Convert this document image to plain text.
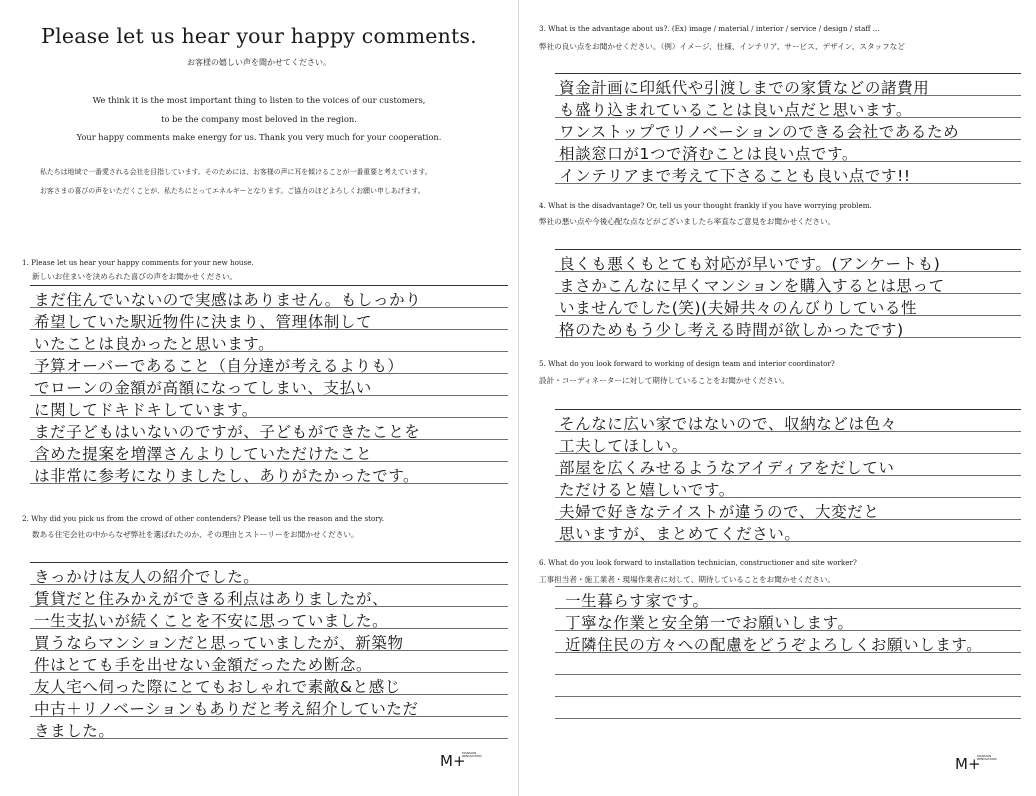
Please let us hear your happy comments.
お客様の嬉しい声を聞かせてください。
We think it is the most important thing to listen to the voices of our customers,
to be the company most beloved in the region.
Your happy comments make energy for us. Thank you very much for your cooperation.
私たちは地域で一番愛される会社を目指しています。そのためには、お客様の声に耳を傾けることが一番重要と考えています。
お客さまの喜びの声をいただくことが、私たちにとってエネルギーとなります。ご協力のほどよろしくお願い申しあげます。
1. Please let us hear your happy comments for your new house.
新しいお住まいを決められた喜びの声をお聞かせください。
まだ住んでいないので実感はありません。もしっかり
希望していた駅近物件に決まり、管理体制して
いたことは良かったと思います。
予算オーバーであること（自分達が考えるよりも）
でローンの金額が高額になってしまい、支払い
に関してドキドキしています。
まだ子どもはいないのですが、子どもができたことを
含めた提案を増澤さんよりしていただけたこと
は非常に参考になりましたし、ありがたかったです。
2. Why did you pick us from the crowd of other contenders? Please tell us the reason and the story.
数ある住宅会社の中からなぜ弊社を選ばれたのか、その理由とストーリーをお聞かせください。
きっかけは友人の紹介でした。
賃貸だと住みかえができる利点はありましたが、
一生支払いが続くことを不安に思っていました。
買うならマンションだと思っていましたが、新築物
件はとても手を出せない金額だったため断念。
友人宅へ伺った際にとてもおしゃれで素敵&と感じ
中古＋リノベーションもありだと考え紹介していただ
きました。
M+
MANSION RENOVATION
3. What is the advantage about us?. (Ex) image / material / interior / service / design / staff ...
弊社の良い点をお聞かせください。（例）イメージ、仕様、インテリア、サービス、デザイン、スタッフなど
資金計画に印紙代や引渡しまでの家賃などの諸費用
も盛り込まれていることは良い点だと思います。
ワンストップでリノベーションのできる会社であるため
相談窓口が1つで済むことは良い点です。
インテリアまで考えて下さることも良い点です!!
4. What is the disadvantage? Or, tell us your thought frankly if you have worrying problem.
弊社の悪い点や今後心配な点などがございましたら率直なご意見をお聞かせください。
良くも悪くもとても対応が早いです。(アンケートも)
まさかこんなに早くマンションを購入するとは思って
いませんでした(笑)(夫婦共々のんびりしている性
格のためもう少し考える時間が欲しかったです)
5. What do you look forward to working of design team and interior coordinator?
設計・コーディネーターに対して期待していることをお聞かせください。
そんなに広い家ではないので、収納などは色々
工夫してほしい。
部屋を広くみせるようなアイディアをだしてい
ただけると嬉しいです。
夫婦で好きなテイストが違うので、大変だと
思いますが、まとめてください。
6. What do you look forward to installation technician, constructioner and site worker?
工事担当者・施工業者・現場作業者に対して、期待していることをお聞かせください。
一生暮らす家です。
丁寧な作業と安全第一でお願いします。
近隣住民の方々への配慮をどうぞよろしくお願いします。
M+
MANSION RENOVATION
